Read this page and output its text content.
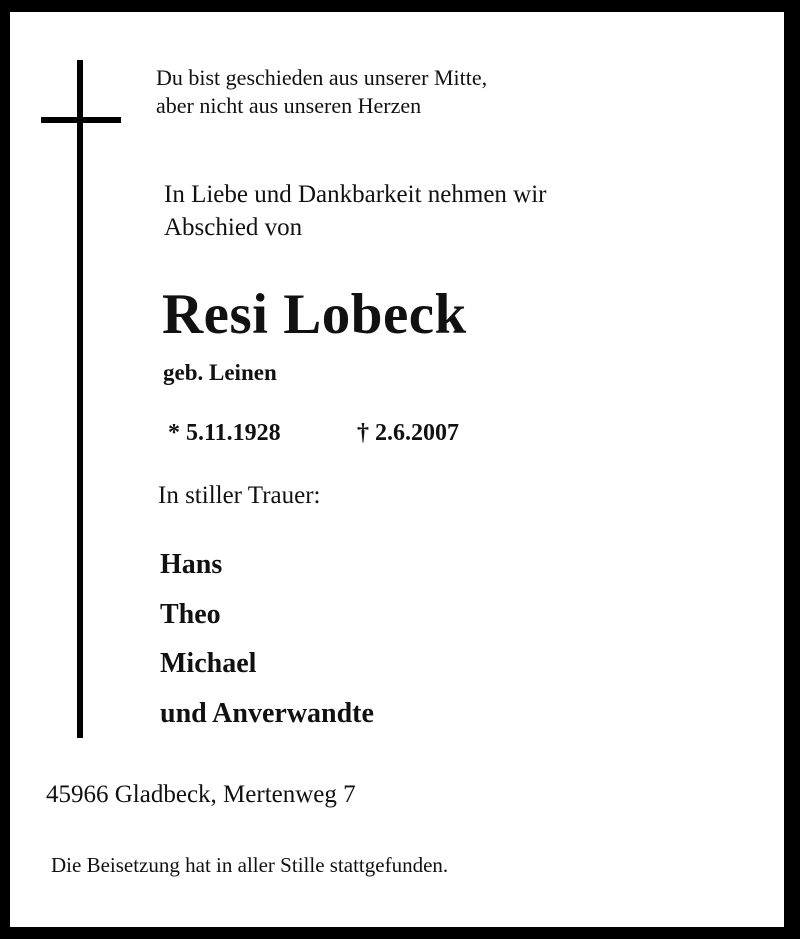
Du bist geschieden aus unserer Mitte,
aber nicht aus unseren Herzen
In Liebe und Dankbarkeit nehmen wir
Abschied von
Resi Lobeck
geb. Leinen
* 5.11.1928	† 2.6.2007
In stiller Trauer:
Hans
Theo
Michael
und Anverwandte
45966 Gladbeck, Mertenweg 7
Die Beisetzung hat in aller Stille stattgefunden.
